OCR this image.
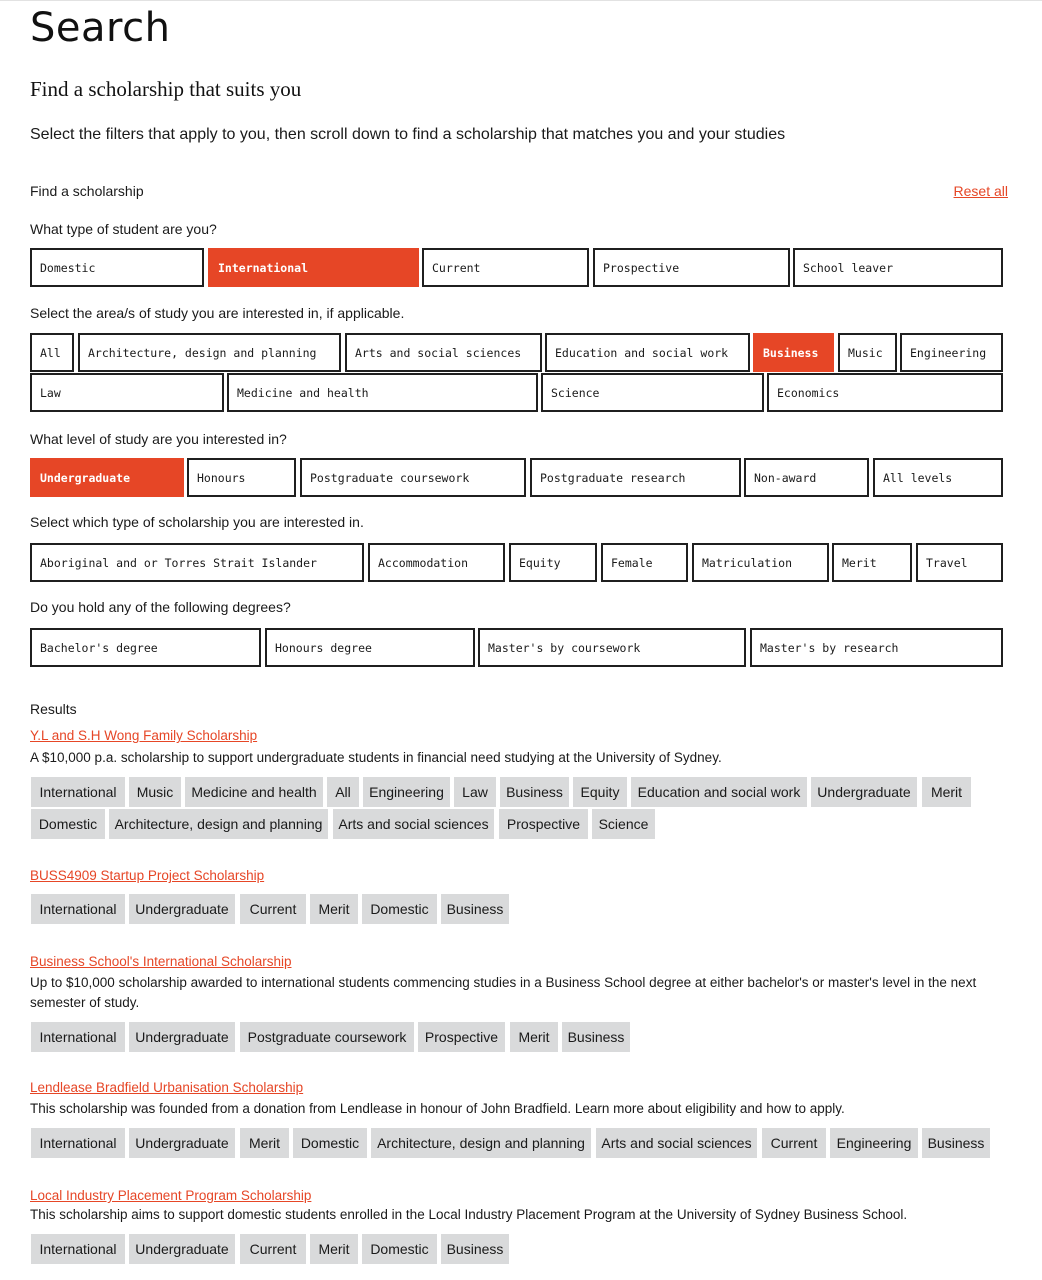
Search
Find a scholarship that suits you
Select the filters that apply to you, then scroll down to find a scholarship that matches you and your studies
Find a scholarship	Reset all
What type of student are you?
Domestic	International	Current	Prospective	School leaver
Select the area/s of study you are interested in, if applicable.
All	Architecture, design and planning	Arts and social sciences	Education and social work	Business	Music	Engineering
Law	Medicine and health	Science	Economics
What level of study are you interested in?
Undergraduate	Honours	Postgraduate coursework	Postgraduate research	Non-award	All levels
Select which type of scholarship you are interested in.
Aboriginal and or Torres Strait Islander	Accommodation	Equity	Female	Matriculation	Merit	Travel
Do you hold any of the following degrees?
Bachelor's degree	Honours degree	Master's by coursework	Master's by research
Results
Y.L and S.H Wong Family Scholarship
A $10,000 p.a. scholarship to support undergraduate students in financial need studying at the University of Sydney.
International	Music	Medicine and health	All	Engineering	Law	Business	Equity	Education and social work	Undergraduate	Merit
Domestic	Architecture, design and planning	Arts and social sciences	Prospective	Science
BUSS4909 Startup Project Scholarship
International	Undergraduate	Current	Merit	Domestic	Business
Business School's International Scholarship
Up to $10,000 scholarship awarded to international students commencing studies in a Business School degree at either bachelor's or master's level in the next
semester of study.
International	Undergraduate	Postgraduate coursework	Prospective	Merit	Business
Lendlease Bradfield Urbanisation Scholarship
This scholarship was founded from a donation from Lendlease in honour of John Bradfield. Learn more about eligibility and how to apply.
International	Undergraduate	Merit	Domestic	Architecture, design and planning	Arts and social sciences	Current	Engineering	Business
Local Industry Placement Program Scholarship
This scholarship aims to support domestic students enrolled in the Local Industry Placement Program at the University of Sydney Business School.
International	Undergraduate	Current	Merit	Domestic	Business
